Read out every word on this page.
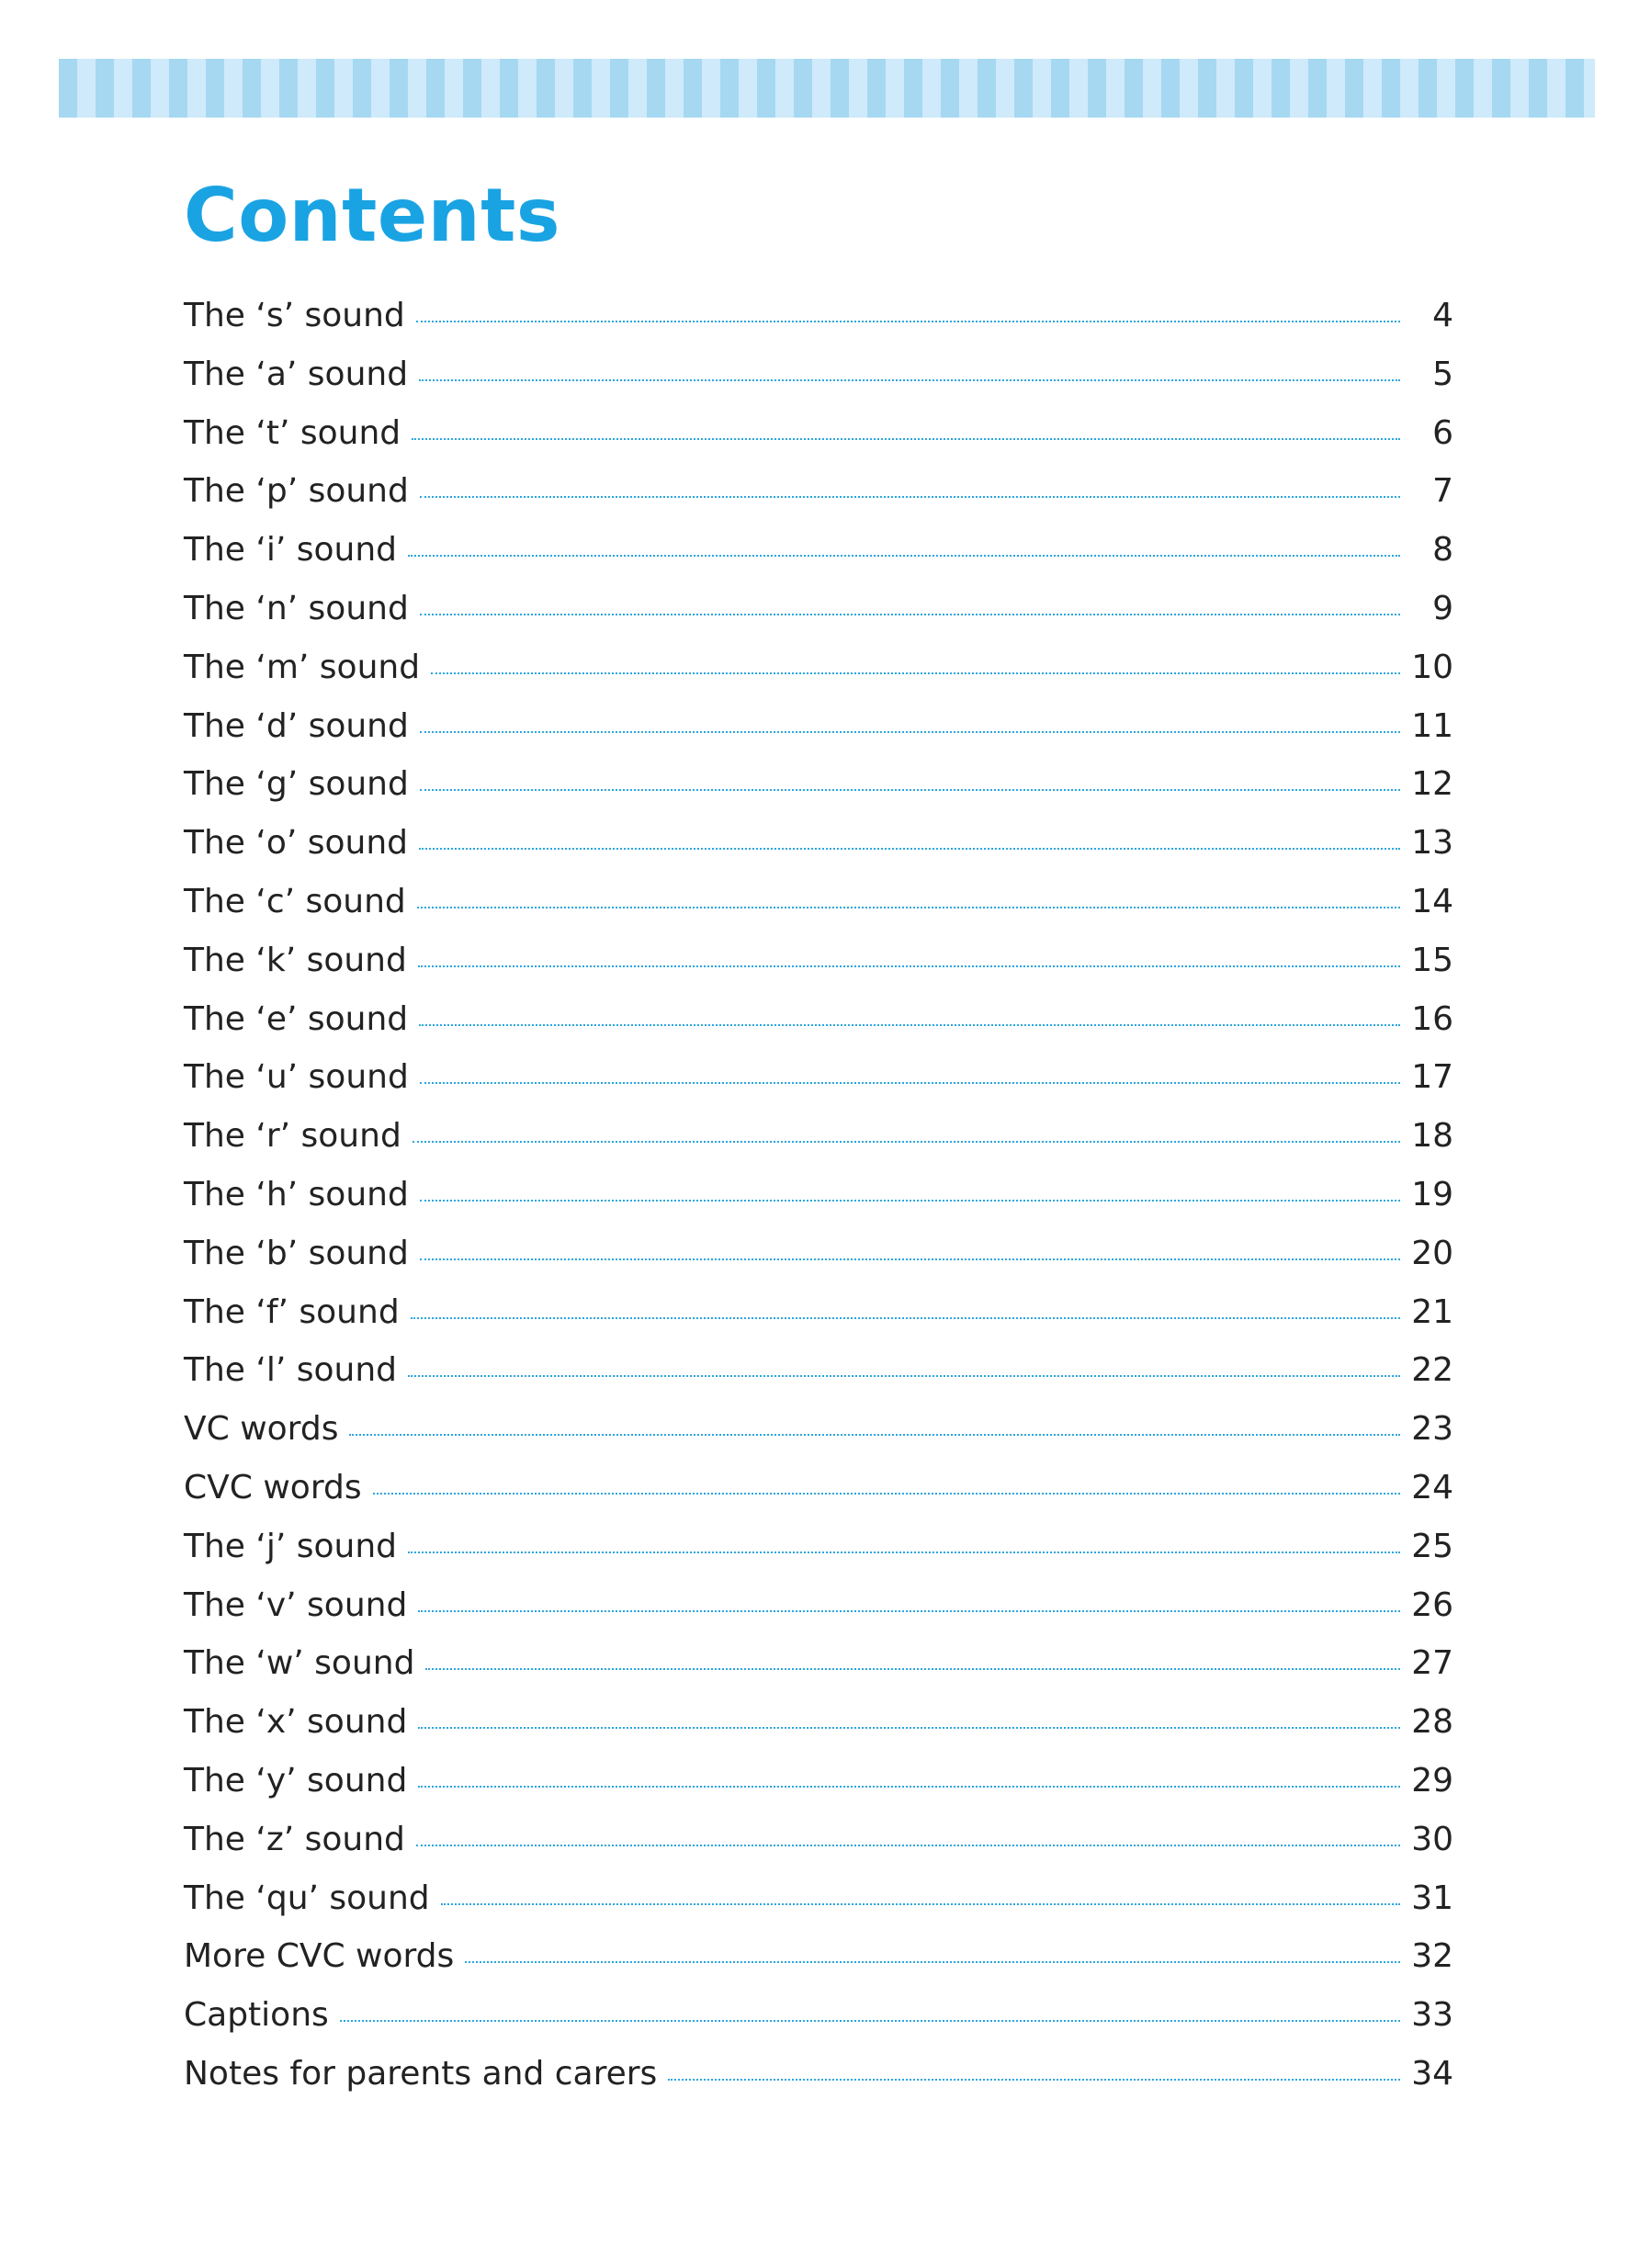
Contents
The ‘s’ sound	4
The ‘a’ sound	5
The ‘t’ sound	6
The ‘p’ sound	7
The ‘i’ sound	8
The ‘n’ sound	9
The ‘m’ sound	10
The ‘d’ sound	11
The ‘g’ sound	12
The ‘o’ sound	13
The ‘c’ sound	14
The ‘k’ sound	15
The ‘e’ sound	16
The ‘u’ sound	17
The ‘r’ sound	18
The ‘h’ sound	19
The ‘b’ sound	20
The ‘f’ sound	21
The ‘l’ sound	22
VC words	23
CVC words	24
The ‘j’ sound	25
The ‘v’ sound	26
The ‘w’ sound	27
The ‘x’ sound	28
The ‘y’ sound	29
The ‘z’ sound	30
The ‘qu’ sound	31
More CVC words	32
Captions	33
Notes for parents and carers	34
